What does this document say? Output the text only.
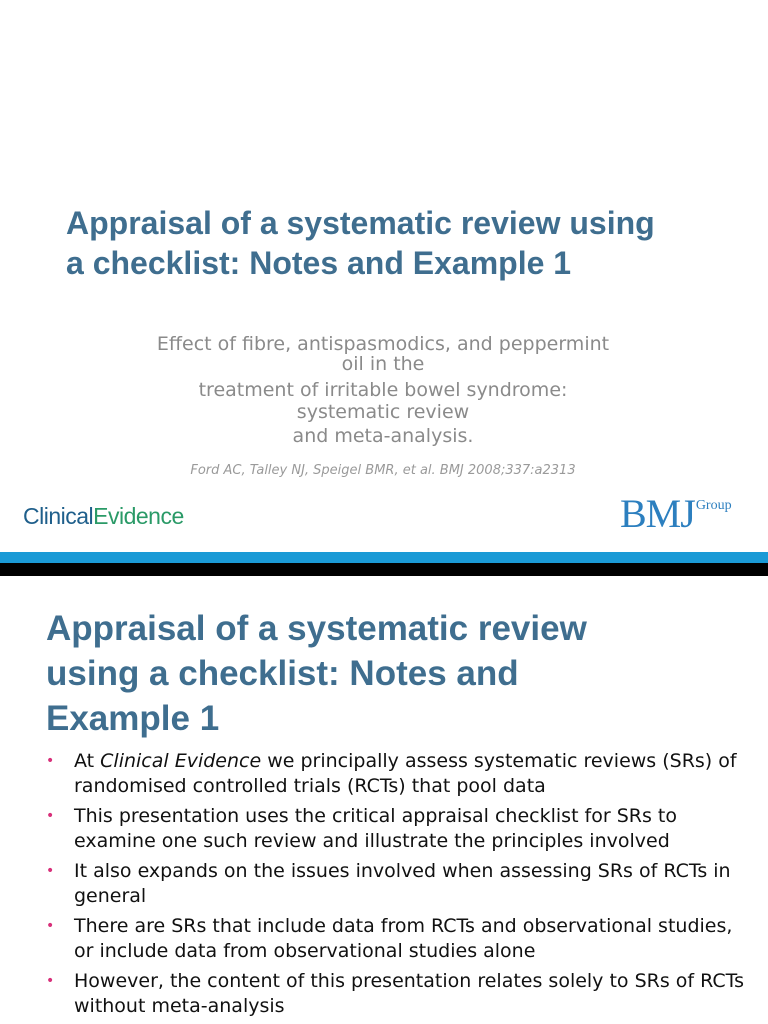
Appraisal of a systematic review using
a checklist: Notes and Example 1
Effect of fibre, antispasmodics, and peppermint
oil in the
treatment of irritable bowel syndrome:
systematic review
and meta-analysis.
Ford AC, Talley NJ, Speigel BMR, et al. BMJ 2008;337:a2313
ClinicalEvidence	BMJ Group
Appraisal of a systematic review
using a checklist: Notes and
Example 1
• At Clinical Evidence we principally assess systematic reviews (SRs) of randomised controlled trials (RCTs) that pool data
• This presentation uses the critical appraisal checklist for SRs to examine one such review and illustrate the principles involved
• It also expands on the issues involved when assessing SRs of RCTs in general
• There are SRs that include data from RCTs and observational studies, or include data from observational studies alone
• However, the content of this presentation relates solely to SRs of RCTs without meta-analysis
